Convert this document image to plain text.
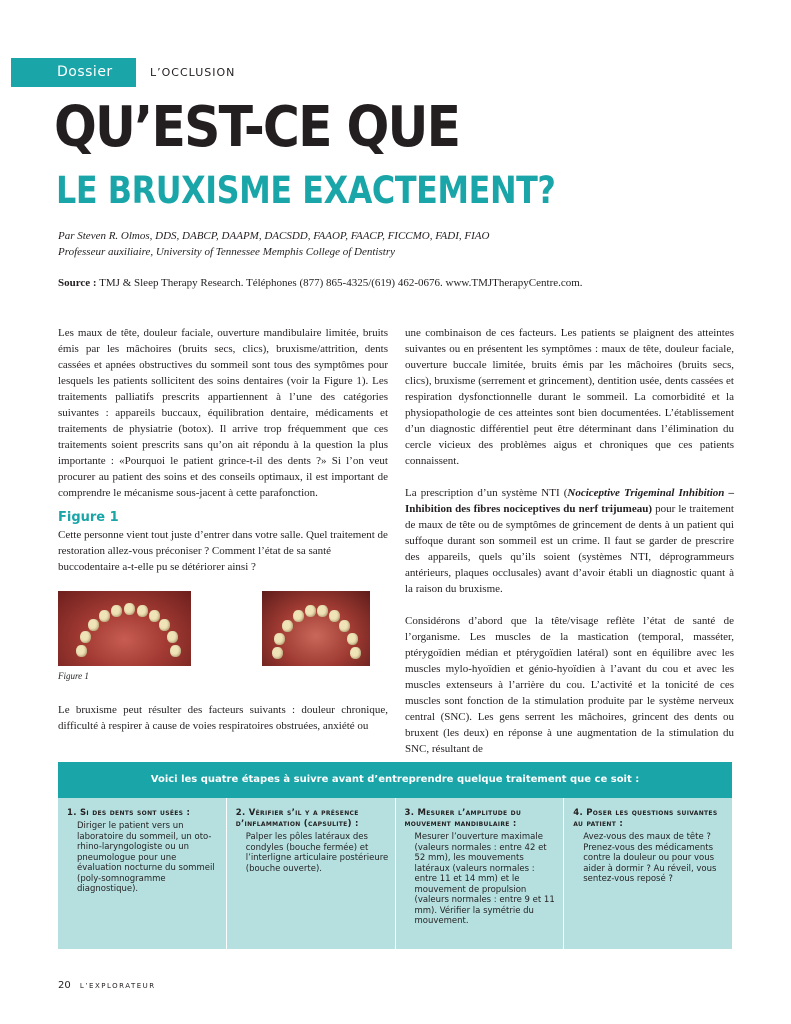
Dossier	L’OCCLUSION
QU’EST-CE QUE
LE BRUXISME EXACTEMENT?
Par Steven R. Olmos, DDS, DABCP, DAAPM, DACSDD, FAAOP, FAACP, FICCMO, FADI, FIAO
Professeur auxiliaire, University of Tennessee Memphis College of Dentistry
Source : TMJ & Sleep Therapy Research. Téléphones (877) 865-4325/(619) 462-0676. www.TMJTherapyCentre.com.

Les maux de tête, douleur faciale, ouverture mandibulaire limitée, bruits émis par les mâchoires (bruits secs, clics), bruxisme/attrition, dents cassées et apnées obstructives du sommeil sont tous des symptômes pour lesquels les patients sollicitent des soins dentaires (voir la Figure 1). Les traitements palliatifs prescrits appartiennent à l’une des catégories suivantes : appareils buccaux, équilibration dentaire, médicaments et traitements de physiatrie (botox). Il arrive trop fréquemment que ces traitements soient prescrits sans qu’on ait répondu à la question la plus importante : «Pourquoi le patient grince-t-il des dents ?» Si l’on veut procurer au patient des soins et des conseils optimaux, il est important de comprendre le mécanisme sous-jacent à cette parafonction.

Figure 1
Cette personne vient tout juste d’entrer dans votre salle. Quel traitement de restoration allez-vous préconiser ? Comment l’état de sa santé buccodentaire a-t-elle pu se détériorer ainsi ?
Figure 1

Le bruxisme peut résulter des facteurs suivants : douleur chronique, difficulté à respirer à cause de voies respiratoires obstruées, anxiété ou

une combinaison de ces facteurs. Les patients se plaignent des atteintes suivantes ou en présentent les symptômes : maux de tête, douleur faciale, ouverture buccale limitée, bruits émis par les mâchoires (bruits secs, clics), bruxisme (serrement et grincement), dentition usée, dents cassées et respiration dysfonctionnelle durant le sommeil. La comorbidité et la physiopathologie de ces atteintes sont bien documentées. L’établissement d’un diagnostic différentiel peut être déterminant dans l’élimination du cercle vicieux des problèmes aigus et chroniques que ces patients connaissent.

La prescription d’un système NTI (Nociceptive Trigeminal Inhibition – Inhibition des fibres nociceptives du nerf trijumeau) pour le traitement de maux de tête ou de symptômes de grincement de dents à un patient qui suffoque durant son sommeil est un crime. Il faut se garder de prescrire des appareils, quels qu’ils soient (systèmes NTI, déprogrammeurs antérieurs, plaques occlusales) avant d’avoir établi un diagnostic quant à la raison du bruxisme.

Considérons d’abord que la tête/visage reflète l’état de santé de l’organisme. Les muscles de la mastication (temporal, masséter, ptérygoïdien médian et ptérygoïdien latéral) sont en équilibre avec les muscles mylo-hyoïdien et génio-hyoïdien à l’avant du cou et avec les muscles extenseurs à l’arrière du cou. L’activité et la tonicité de ces muscles sont fonction de la stimulation produite par le système nerveux central (SNC). Les gens serrent les mâchoires, grincent des dents ou bruxent (les deux) en réponse à une augmentation de la stimulation du SNC, résultant de

Voici les quatre étapes à suivre avant d’entreprendre quelque traitement que ce soit :
1. Si des dents sont usées :
Diriger le patient vers un laboratoire du sommeil, un oto-rhino-laryngologiste ou un pneumologue pour une évaluation nocturne du sommeil (poly-somnogramme diagnostique).
2. Vérifier s’il y a présence d’inflammation (capsulite) :
Palper les pôles latéraux des condyles (bouche fermée) et l’interligne articulaire postérieure (bouche ouverte).
3. Mesurer l’amplitude du mouvement mandibulaire :
Mesurer l’ouverture maximale (valeurs normales : entre 42 et 52 mm), les mouvements latéraux (valeurs normales : entre 11 et 14 mm) et le mouvement de propulsion (valeurs normales : entre 9 et 11 mm). Vérifier la symétrie du mouvement.
4. Poser les questions suivantes au patient :
Avez-vous des maux de tête ? Prenez-vous des médicaments contre la douleur ou pour vous aider à dormir ? Au réveil, vous sentez-vous reposé ?
20 L’EXPLORATEUR
